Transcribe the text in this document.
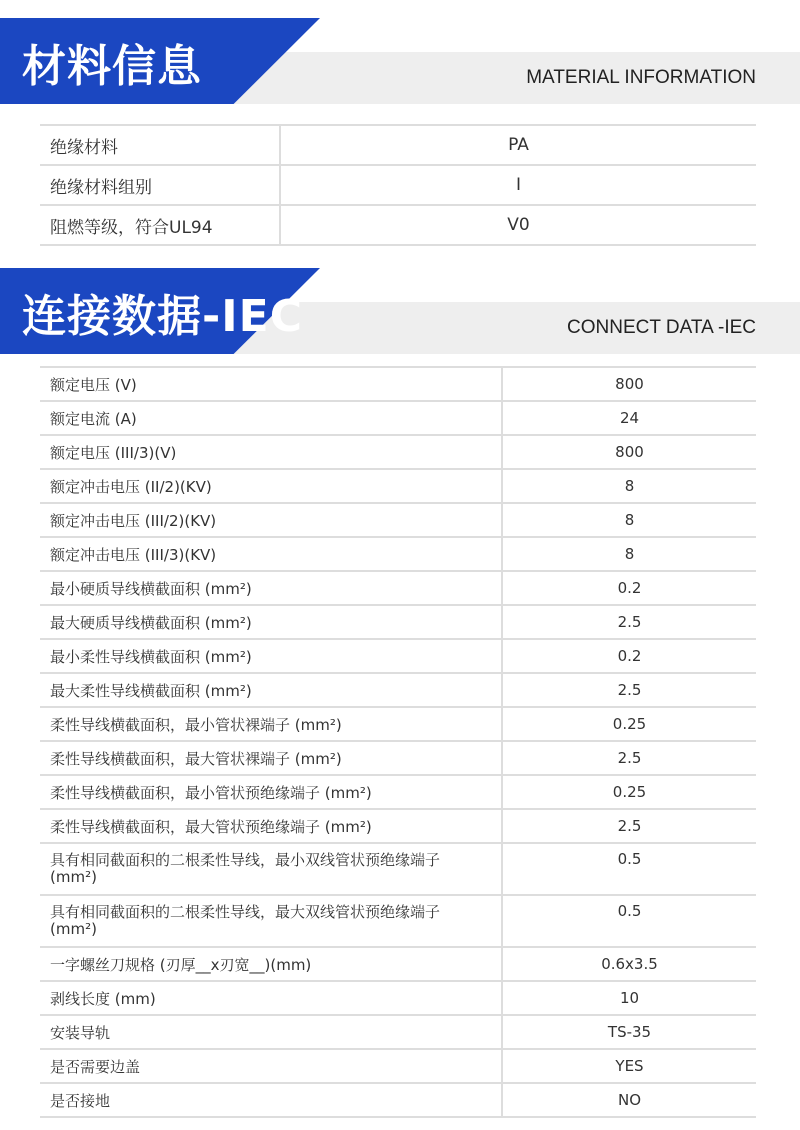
材料信息	MATERIAL INFORMATION
绝缘材料	PA
绝缘材料组别	I
阻燃等级，符合UL94	V0
连接数据-IEC	CONNECT DATA -IEC
额定电压 (V)	800
额定电流 (A)	24
额定电压 (III/3)(V)	800
额定冲击电压 (II/2)(KV)	8
额定冲击电压 (III/2)(KV)	8
额定冲击电压 (III/3)(KV)	8
最小硬质导线横截面积 (mm²)	0.2
最大硬质导线横截面积 (mm²)	2.5
最小柔性导线横截面积 (mm²)	0.2
最大柔性导线横截面积 (mm²)	2.5
柔性导线横截面积，最小管状裸端子 (mm²)	0.25
柔性导线横截面积，最大管状裸端子 (mm²)	2.5
柔性导线横截面积，最小管状预绝缘端子 (mm²)	0.25
柔性导线横截面积，最大管状预绝缘端子 (mm²)	2.5
具有相同截面积的二根柔性导线，最小双线管状预绝缘端子 (mm²)	0.5
具有相同截面积的二根柔性导线，最大双线管状预绝缘端子 (mm²)	0.5
一字螺丝刀规格 (刃厚__x刃宽__)(mm)	0.6x3.5
剥线长度 (mm)	10
安装导轨	TS-35
是否需要边盖	YES
是否接地	NO
